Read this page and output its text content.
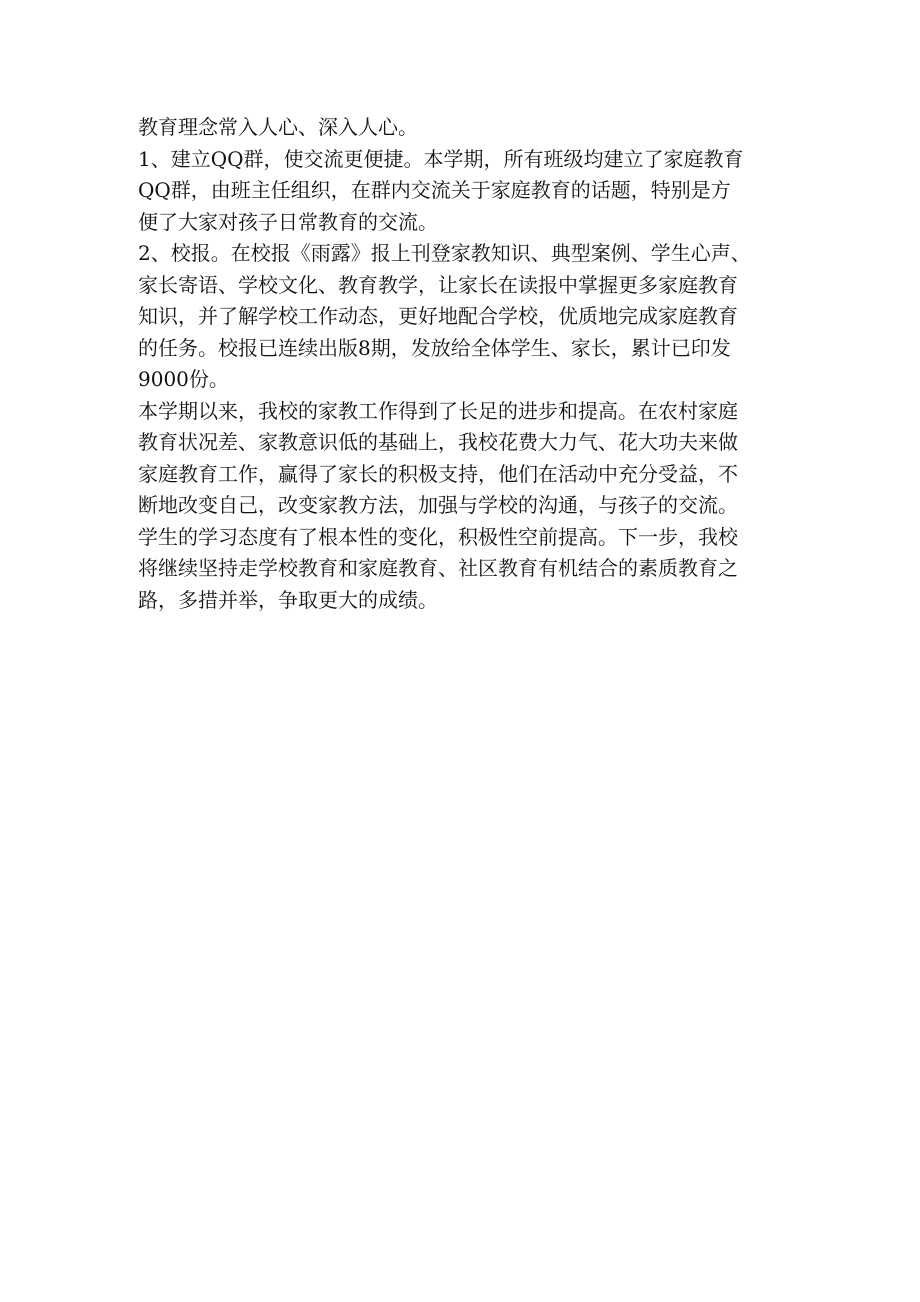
教育理念常入人心、深入人心。
1、建立QQ群，使交流更便捷。本学期，所有班级均建立了家庭教育
QQ群，由班主任组织，在群内交流关于家庭教育的话题，特别是方
便了大家对孩子日常教育的交流。
2、校报。在校报《雨露》报上刊登家教知识、典型案例、学生心声、
家长寄语、学校文化、教育教学，让家长在读报中掌握更多家庭教育
知识，并了解学校工作动态，更好地配合学校，优质地完成家庭教育
的任务。校报已连续出版8期，发放给全体学生、家长，累计已印发
9000份。
本学期以来，我校的家教工作得到了长足的进步和提高。在农村家庭
教育状况差、家教意识低的基础上，我校花费大力气、花大功夫来做
家庭教育工作，赢得了家长的积极支持，他们在活动中充分受益，不
断地改变自己，改变家教方法，加强与学校的沟通，与孩子的交流。
学生的学习态度有了根本性的变化，积极性空前提高。下一步，我校
将继续坚持走学校教育和家庭教育、社区教育有机结合的素质教育之
路，多措并举，争取更大的成绩。
